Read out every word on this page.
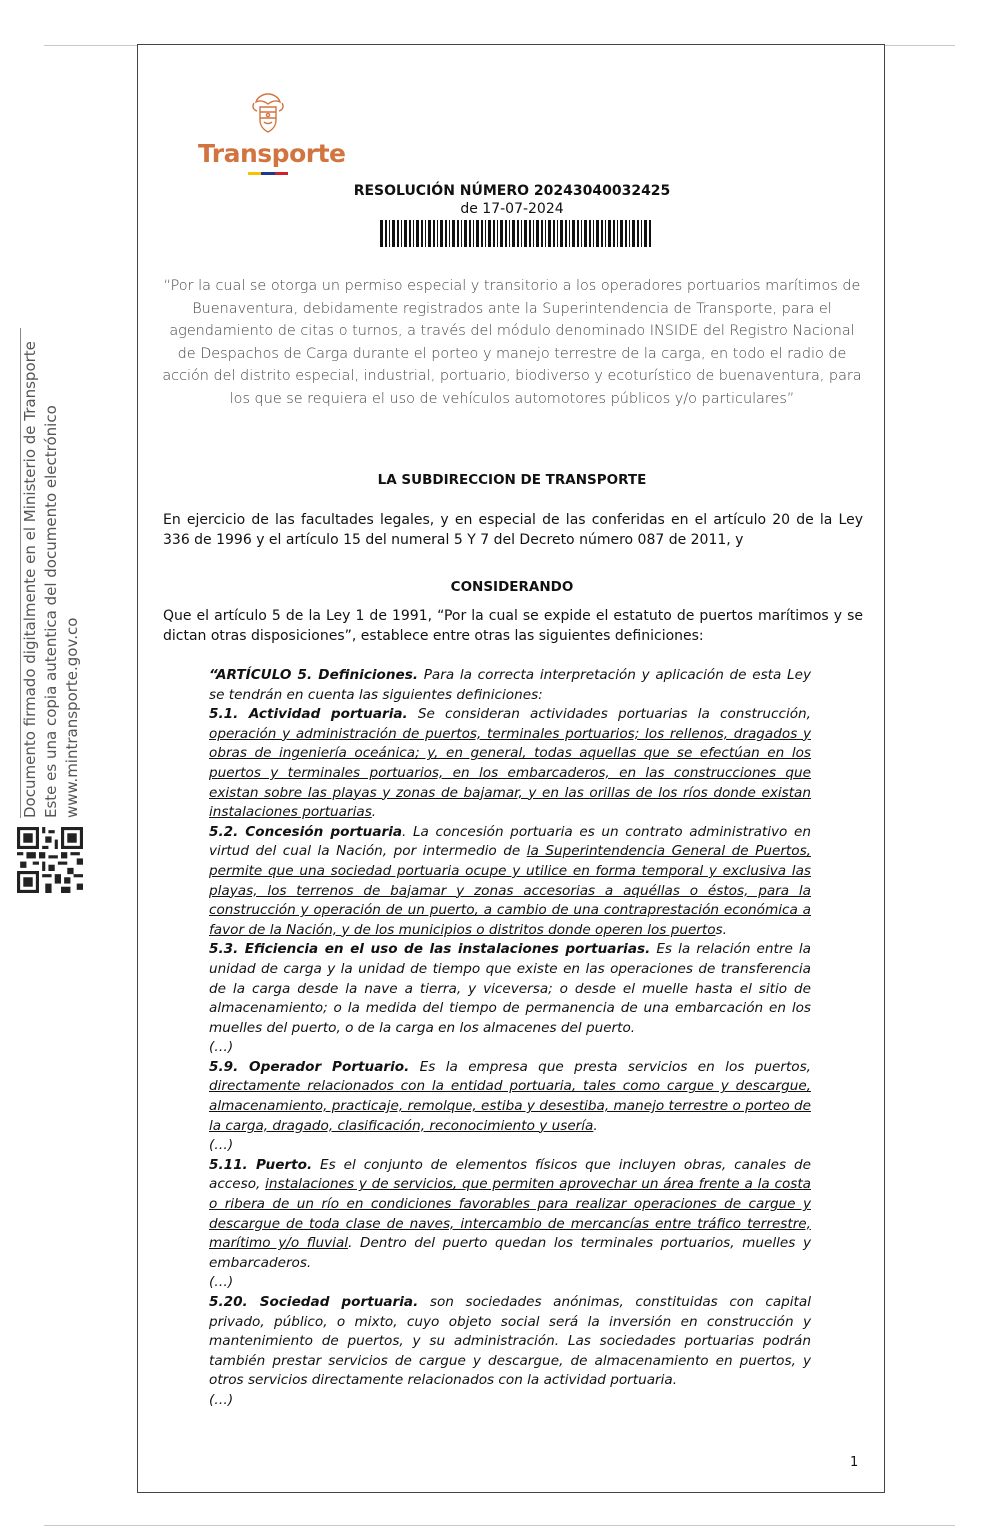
Documento firmado digitalmente en el Ministerio de Transporte Este es una copia autentica del documento electrónico www.mintransporte.gov.co
Transporte
RESOLUCIÓN NÚMERO 20243040032425
de 17-07-2024
“Por la cual se otorga un permiso especial y transitorio a los operadores portuarios marítimos de Buenaventura, debidamente registrados ante la Superintendencia de Transporte, para el agendamiento de citas o turnos, a través del módulo denominado INSIDE del Registro Nacional de Despachos de Carga durante el porteo y manejo terrestre de la carga, en todo el radio de acción del distrito especial, industrial, portuario, biodiverso y ecoturístico de buenaventura, para los que se requiera el uso de vehículos automotores públicos y/o particulares”
LA SUBDIRECCION DE TRANSPORTE
En ejercicio de las facultades legales, y en especial de las conferidas en el artículo 20 de la Ley 336 de 1996 y el artículo 15 del numeral 5 Y 7 del Decreto número 087 de 2011, y
CONSIDERANDO
Que el artículo 5 de la Ley 1 de 1991, “Por la cual se expide el estatuto de puertos marítimos y se dictan otras disposiciones”, establece entre otras las siguientes definiciones:

“ARTÍCULO 5. Definiciones. Para la correcta interpretación y aplicación de esta Ley se tendrán en cuenta las siguientes definiciones:

5.1. Actividad portuaria. Se consideran actividades portuarias la construcción, operación y administración de puertos, terminales portuarios; los rellenos, dragados y obras de ingeniería oceánica; y, en general, todas aquellas que se efectúan en los puertos y terminales portuarios, en los embarcaderos, en las construcciones que existan sobre las playas y zonas de bajamar, y en las orillas de los ríos donde existan instalaciones portuarias.

5.2. Concesión portuaria. La concesión portuaria es un contrato administrativo en virtud del cual la Nación, por intermedio de la Superintendencia General de Puertos, permite que una sociedad portuaria ocupe y utilice en forma temporal y exclusiva las playas, los terrenos de bajamar y zonas accesorias a aquéllas o éstos, para la construcción y operación de un puerto, a cambio de una contraprestación económica a favor de la Nación, y de los municipios o distritos donde operen los puertos.

5.3. Eficiencia en el uso de las instalaciones portuarias. Es la relación entre la unidad de carga y la unidad de tiempo que existe en las operaciones de transferencia de la carga desde la nave a tierra, y viceversa; o desde el muelle hasta el sitio de almacenamiento; o la medida del tiempo de permanencia de una embarcación en los muelles del puerto, o de la carga en los almacenes del puerto.

(…)

5.9. Operador Portuario. Es la empresa que presta servicios en los puertos, directamente relacionados con la entidad portuaria, tales como cargue y descargue, almacenamiento, practicaje, remolque, estiba y desestiba, manejo terrestre o porteo de la carga, dragado, clasificación, reconocimiento y usería.

(…)

5.11. Puerto. Es el conjunto de elementos físicos que incluyen obras, canales de acceso, instalaciones y de servicios, que permiten aprovechar un área frente a la costa o ribera de un río en condiciones favorables para realizar operaciones de cargue y descargue de toda clase de naves, intercambio de mercancías entre tráfico terrestre, marítimo y/o fluvial. Dentro del puerto quedan los terminales portuarios, muelles y embarcaderos.

(…)

5.20. Sociedad portuaria. son sociedades anónimas, constituidas con capital privado, público, o mixto, cuyo objeto social será la inversión en construcción y mantenimiento de puertos, y su administración. Las sociedades portuarias podrán también prestar servicios de cargue y descargue, de almacenamiento en puertos, y otros servicios directamente relacionados con la actividad portuaria.

(…)

1
